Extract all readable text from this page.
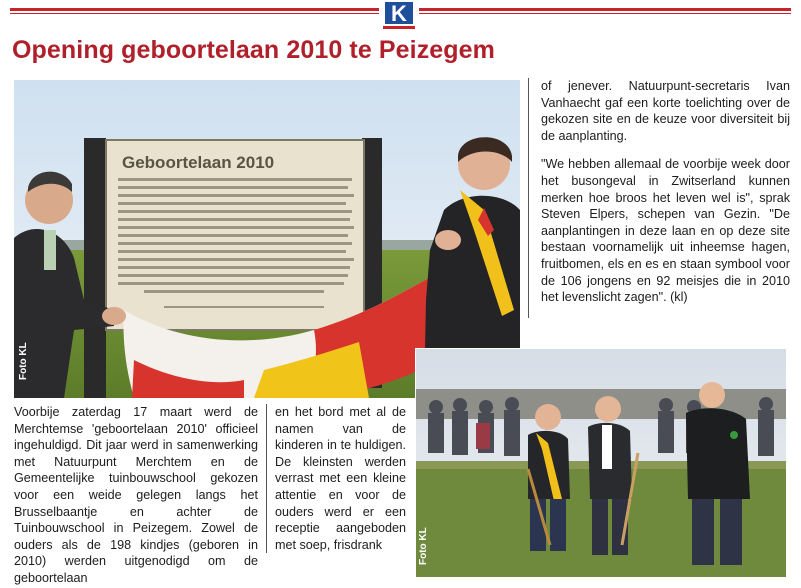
K
Opening geboortelaan 2010 te Peizegem
Geboortelaan 2010
Foto KL

of jenever. Natuurpunt-secretaris Ivan Vanhaecht gaf een korte toelichting over de gekozen site en de keuze voor diversiteit bij de aanplanting.

"We hebben allemaal de voorbije week door het busongeval in Zwitserland kunnen merken hoe broos het leven wel is", sprak Steven Elpers, schepen van Gezin. "De aanplantingen in deze laan en op deze site bestaan voornamelijk uit inheemse hagen, fruitbomen, els en es en staan symbool voor de 106 jongens en 92 meisjes die in 2010 het levenslicht zagen". (kl)

Foto KL
Voorbije zaterdag 17 maart werd de Merchtemse 'geboortelaan 2010' officieel ingehuldigd. Dit jaar werd in samenwerking met Natuurpunt Merchtem en de Gemeentelijke tuinbouwschool gekozen voor een weide gelegen langs het Brusselbaantje en achter de Tuinbouwschool in Peizegem. Zowel de ouders als de 198 kindjes (geboren in 2010) werden uitgenodigd om de geboortelaan
en het bord met al de namen van de kinderen in te huldigen. De kleinsten werden verrast met een kleine attentie en voor de ouders werd er een receptie aangeboden met soep, frisdrank
